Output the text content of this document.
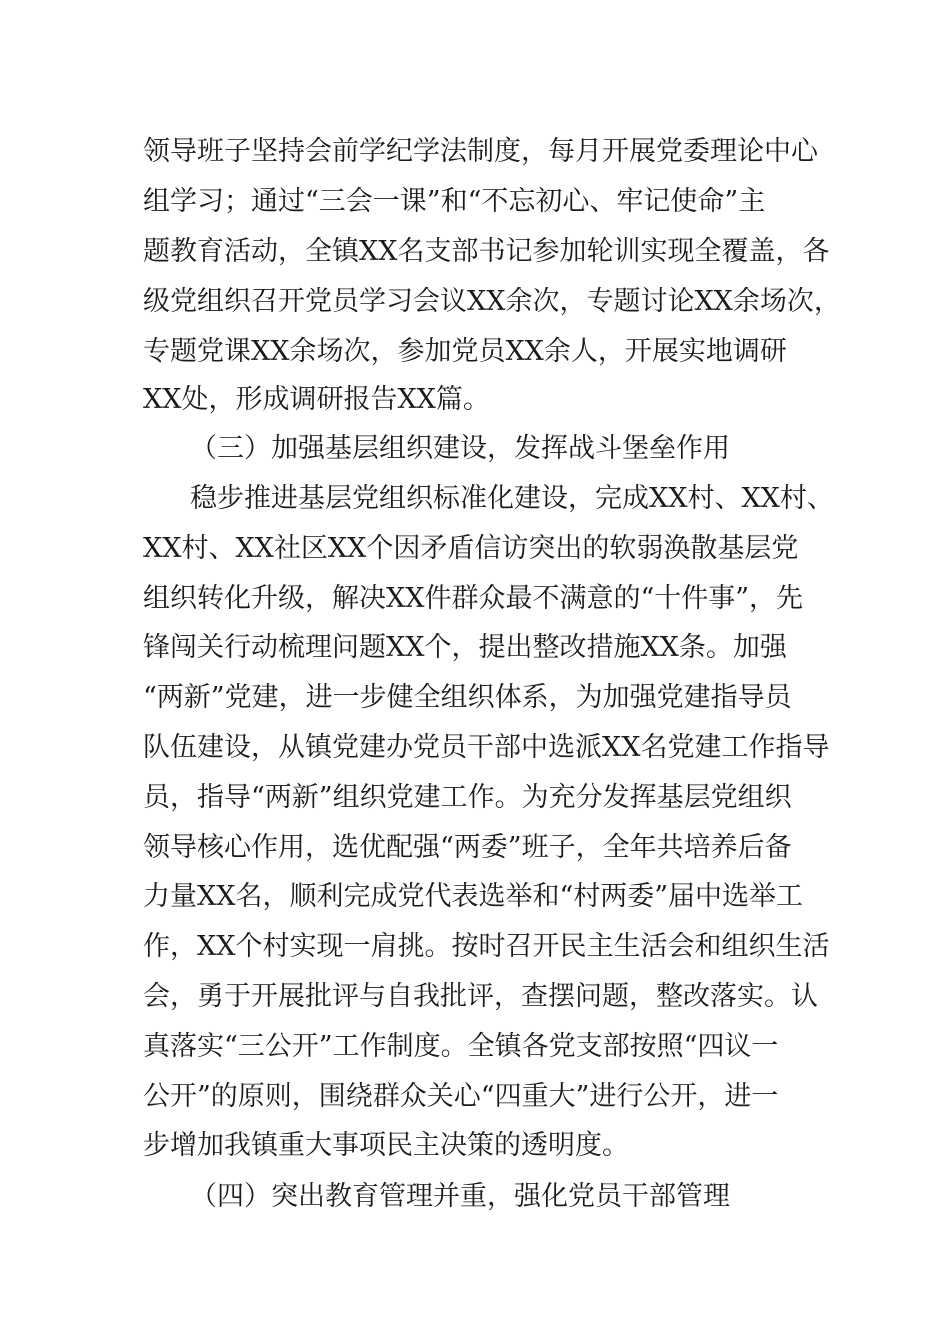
领导班子坚持会前学纪学法制度，每月开展党委理论中心
组学习；通过“三会一课”和“不忘初心、牢记使命”主
题教育活动，全镇XX名支部书记参加轮训实现全覆盖，各
级党组织召开党员学习会议XX余次，专题讨论XX余场次，
专题党课XX余场次，参加党员XX余人，开展实地调研
XX处，形成调研报告XX篇。
（三）加强基层组织建设，发挥战斗堡垒作用
稳步推进基层党组织标准化建设，完成XX村、XX村、
XX村、XX社区XX个因矛盾信访突出的软弱涣散基层党
组织转化升级，解决XX件群众最不满意的“十件事”，先
锋闯关行动梳理问题XX个，提出整改措施XX条。加强
“两新”党建，进一步健全组织体系，为加强党建指导员
队伍建设，从镇党建办党员干部中选派XX名党建工作指导
员，指导“两新”组织党建工作。为充分发挥基层党组织
领导核心作用，选优配强“两委”班子，全年共培养后备
力量XX名，顺利完成党代表选举和“村两委”届中选举工
作，XX个村实现一肩挑。按时召开民主生活会和组织生活
会，勇于开展批评与自我批评，查摆问题，整改落实。认
真落实“三公开”工作制度。全镇各党支部按照“四议一
公开”的原则，围绕群众关心“四重大”进行公开，进一
步增加我镇重大事项民主决策的透明度。
（四）突出教育管理并重，强化党员干部管理
